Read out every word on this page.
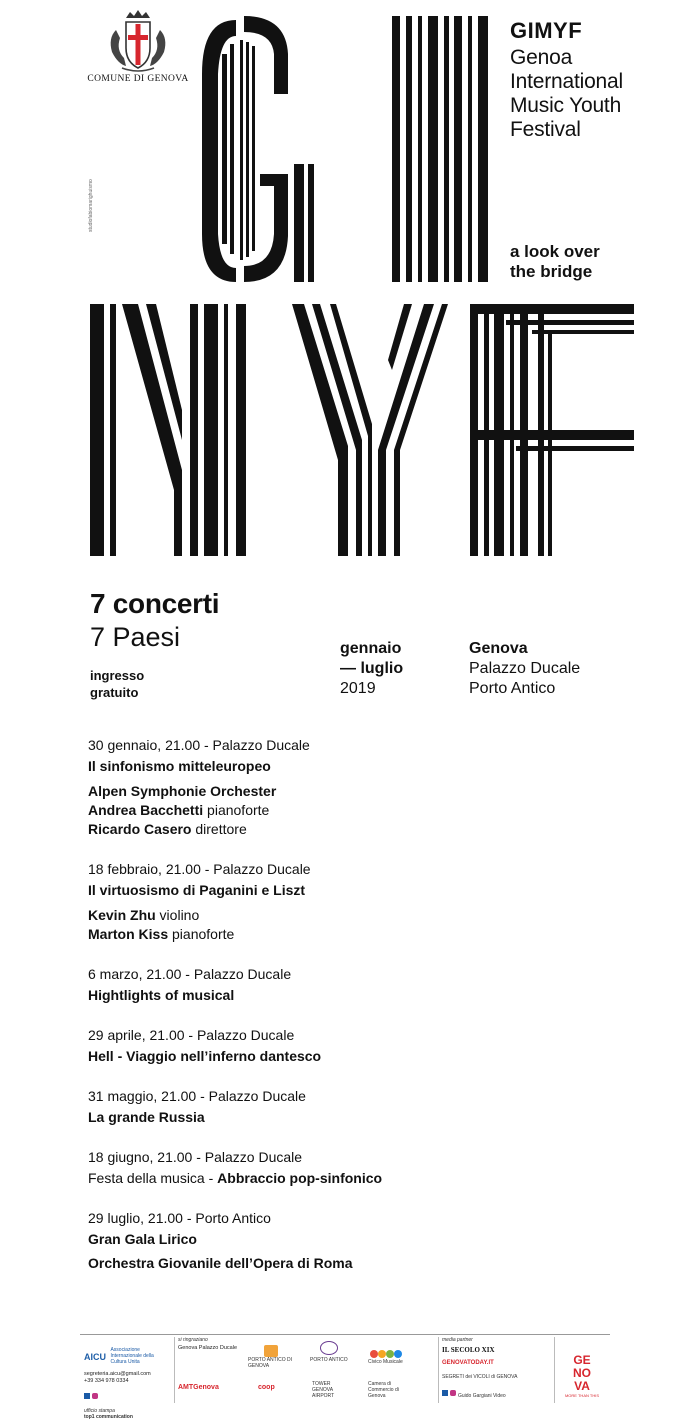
COMUNE DI GENOVA
studiofabiomarighuismo
GIMYF
Genoa
International
Music Youth
Festival
a look over
the bridge
7 concerti
7 Paesi
ingresso
gratuito
gennaio
— luglio
2019
Genova
Palazzo Ducale
Porto Antico
30 gennaio, 21.00 - Palazzo Ducale
Il sinfonismo mitteleuropeo
Alpen Symphonie Orchester
Andrea Bacchetti pianoforte
Ricardo Casero direttore
18 febbraio, 21.00 - Palazzo Ducale
Il virtuosismo di Paganini e Liszt
Kevin Zhu violino
Marton Kiss pianoforte
6 marzo, 21.00 - Palazzo Ducale
Hightlights of musical
29 aprile, 21.00 - Palazzo Ducale
Hell - Viaggio nell’inferno dantesco
31 maggio, 21.00 - Palazzo Ducale
La grande Russia
18 giugno, 21.00 - Palazzo Ducale
Festa della musica - Abbraccio pop-sinfonico
29 luglio, 21.00 - Porto Antico
Gran Gala Lirico
Orchestra Giovanile dell’Opera di Roma
AICU Associazione Internazionale della Cultura Unita
segreteria.aicu@gmail.com
+39 334 978 0334
ufficio stampa
top1 communication
si ringraziano
Genova Palazzo Ducale
PORTO ANTICO DI GENOVA
PORTO ANTICO	Civico Musicale
AMTGenova	coop	TOWER GENOVA AIRPORT
Camera di Commercio di Genova
media partner
IL SECOLO XIX
GENOVATODAY.IT
SEGRETI dei VICOLI di GENOVA
Guido Gargiani Video
GE
NO
VA
MORE THAN THIS
